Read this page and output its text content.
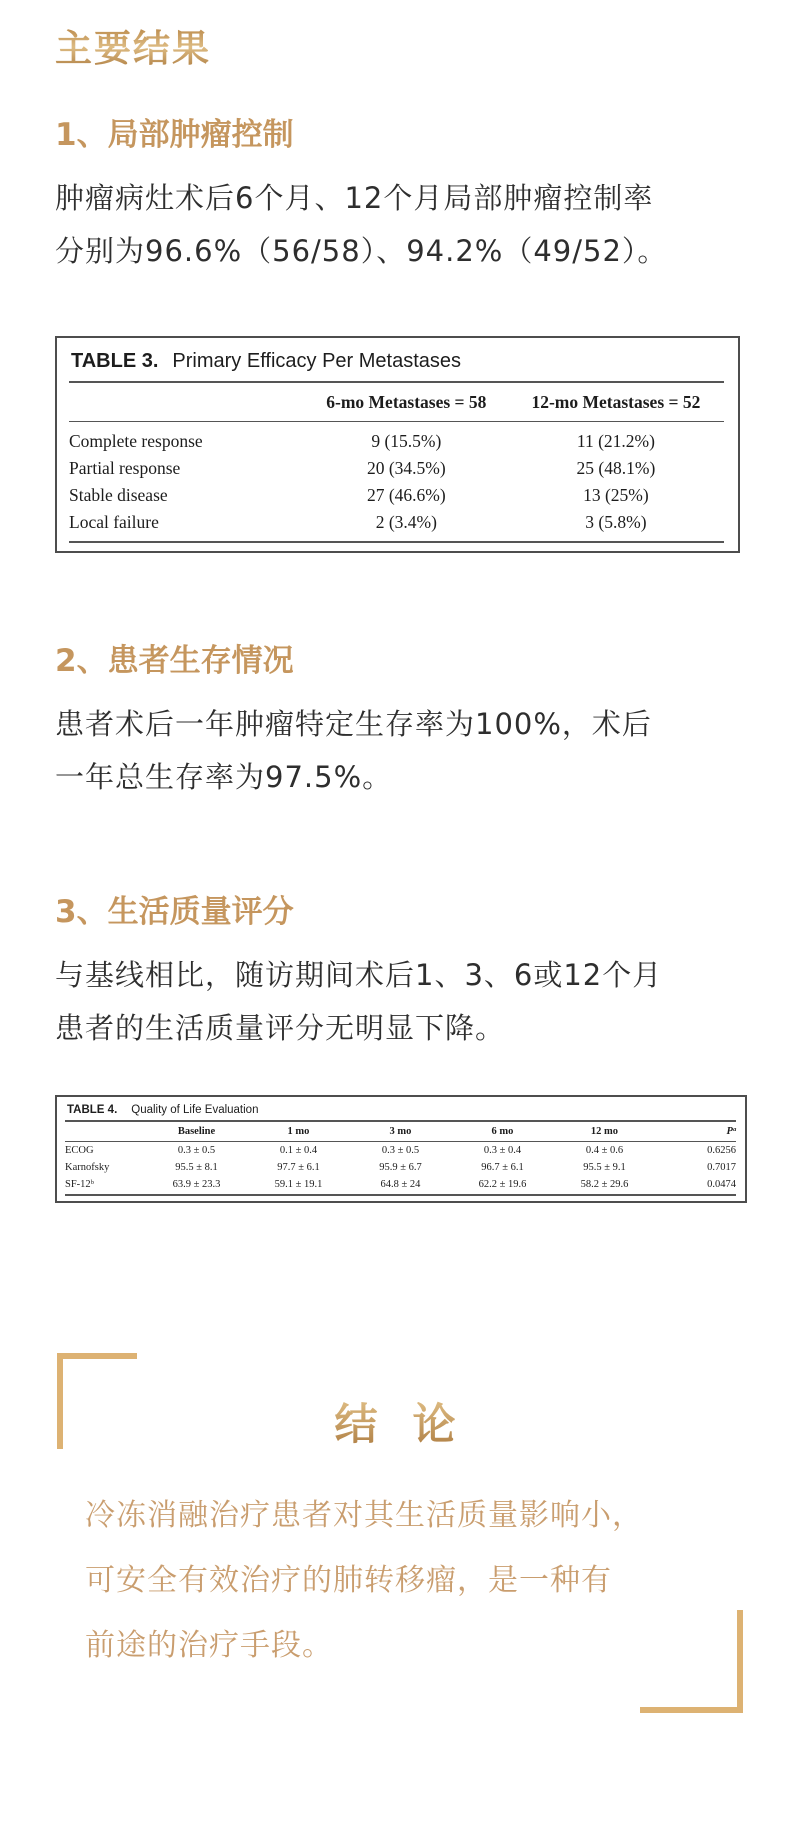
主要结果
1、局部肿瘤控制
肿瘤病灶术后6个月、12个月局部肿瘤控制率
分别为96.6%（56/58）、94.2%（49/52）。
TABLE 3. Primary Efficacy Per Metastases
	6-mo Metastases = 58	12-mo Metastases = 52
Complete response	9 (15.5%)	11 (21.2%)
Partial response	20 (34.5%)	25 (48.1%)
Stable disease	27 (46.6%)	13 (25%)
Local failure	2 (3.4%)	3 (5.8%)
2、患者生存情况
患者术后一年肿瘤特定生存率为100%，术后
一年总生存率为97.5%。
3、生活质量评分
与基线相比，随访期间术后1、3、6或12个月
患者的生活质量评分无明显下降。
TABLE 4. Quality of Life Evaluation
	Baseline	1 mo	3 mo	6 mo	12 mo	Pᵃ
ECOG	0.3 ± 0.5	0.1 ± 0.4	0.3 ± 0.5	0.3 ± 0.4	0.4 ± 0.6	0.6256
Karnofsky	95.5 ± 8.1	97.7 ± 6.1	95.9 ± 6.7	96.7 ± 6.1	95.5 ± 9.1	0.7017
SF-12ᵇ	63.9 ± 23.3	59.1 ± 19.1	64.8 ± 24	62.2 ± 19.6	58.2 ± 29.6	0.0474
结 论
冷冻消融治疗患者对其生活质量影响小，
可安全有效治疗的肺转移瘤，是一种有
前途的治疗手段。
